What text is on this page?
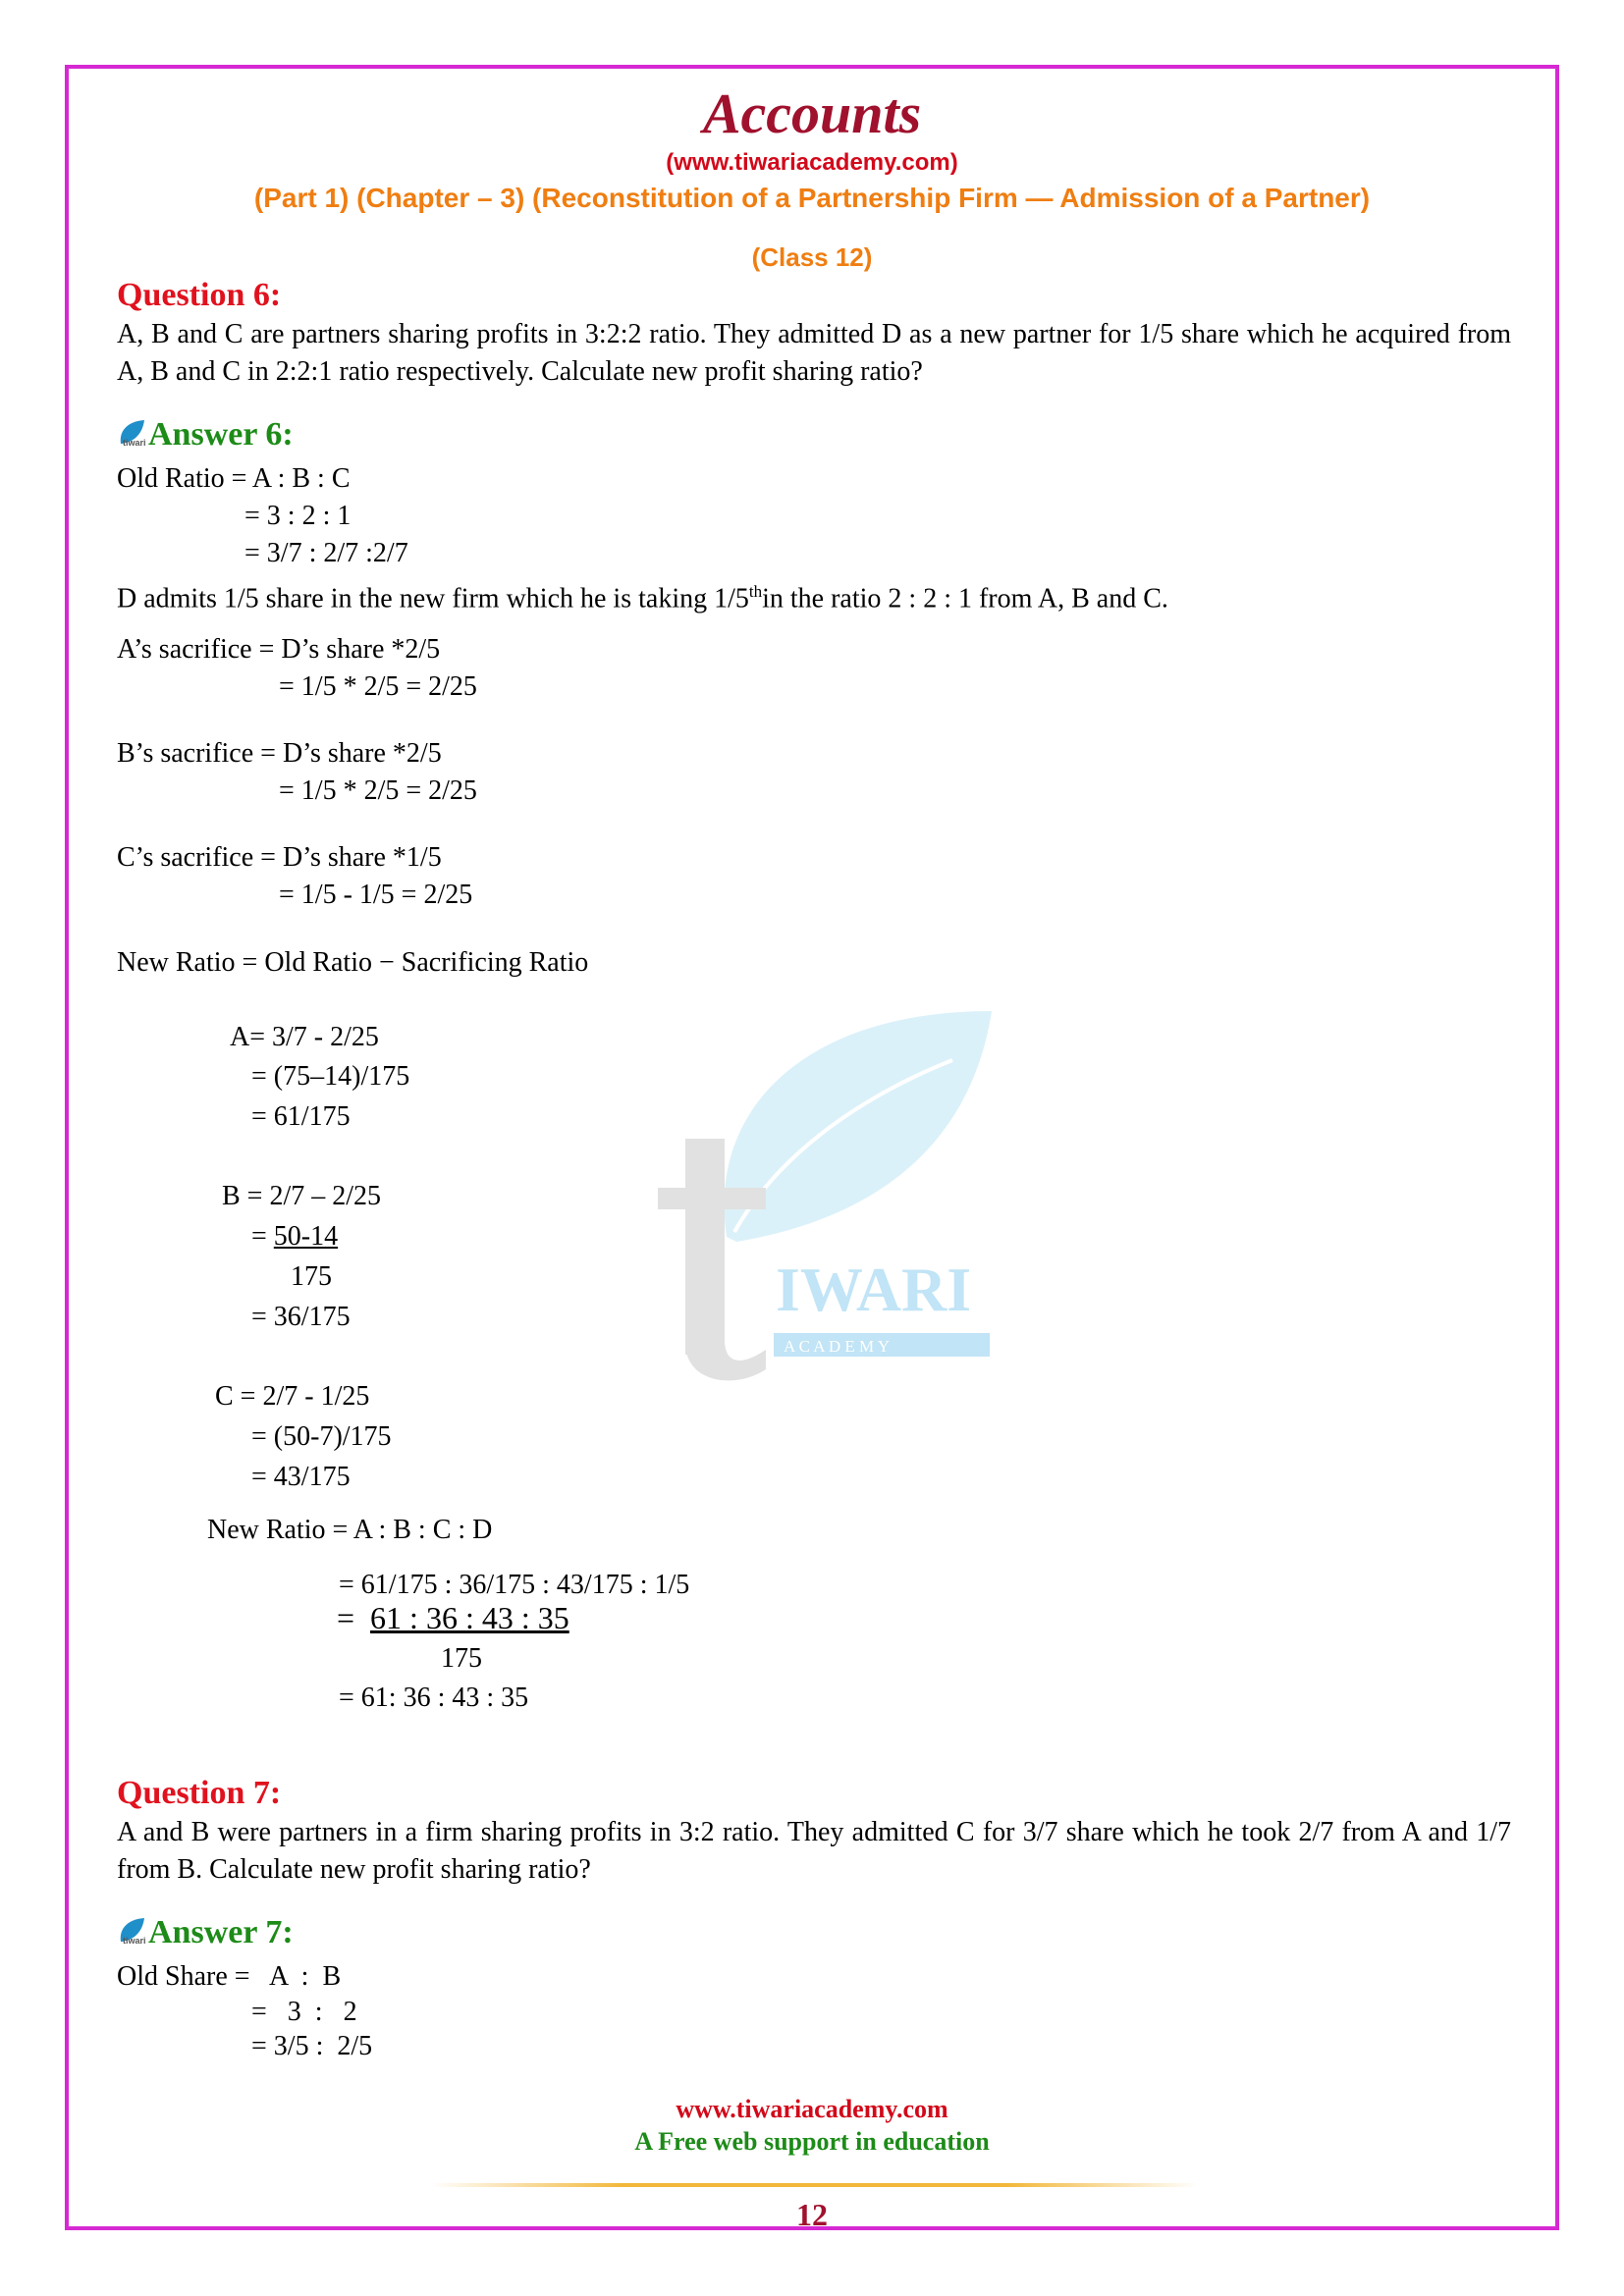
IWARI
A C A D E M Y
Accounts
(www.tiwariacademy.com)
(Part 1) (Chapter – 3) (Reconstitution of a Partnership Firm — Admission of a Partner)
(Class 12)
Question 6:
A, B and C are partners sharing profits in 3:2:2 ratio. They admitted D as a new partner for 1/5 share which he acquired from A, B and C in 2:2:1 ratio respectively. Calculate new profit sharing ratio?
tiwari Answer 6:
Old Ratio = A : B : C
= 3 : 2 : 1
= 3/7 : 2/7 :2/7
D admits 1/5 share in the new firm which he is taking 1/5thin the ratio 2 : 2 : 1 from A, B and C.
A’s sacrifice = D’s share *2/5
= 1/5 * 2/5 = 2/25
B’s sacrifice = D’s share *2/5
= 1/5 * 2/5 = 2/25
C’s sacrifice = D’s share *1/5
= 1/5 - 1/5 = 2/25
New Ratio = Old Ratio − Sacrificing Ratio
A= 3/7 - 2/25
= (75–14)/175
= 61/175
B = 2/7 – 2/25
= 50-14
175
= 36/175
C = 2/7 - 1/25
= (50-7)/175
= 43/175
New Ratio = A : B : C : D
= 61/175 : 36/175 : 43/175 : 1/5
= 61 : 36 : 43 : 35
175
= 61: 36 : 43 : 35
Question 7:
A and B were partners in a firm sharing profits in 3:2 ratio. They admitted C for 3/7 share which he took 2/7 from A and 1/7 from B. Calculate new profit sharing ratio?
tiwari Answer 7:
Old Share =   A  :  B
=   3  :   2
= 3/5 :  2/5
www.tiwariacademy.com
A Free web support in education
12
